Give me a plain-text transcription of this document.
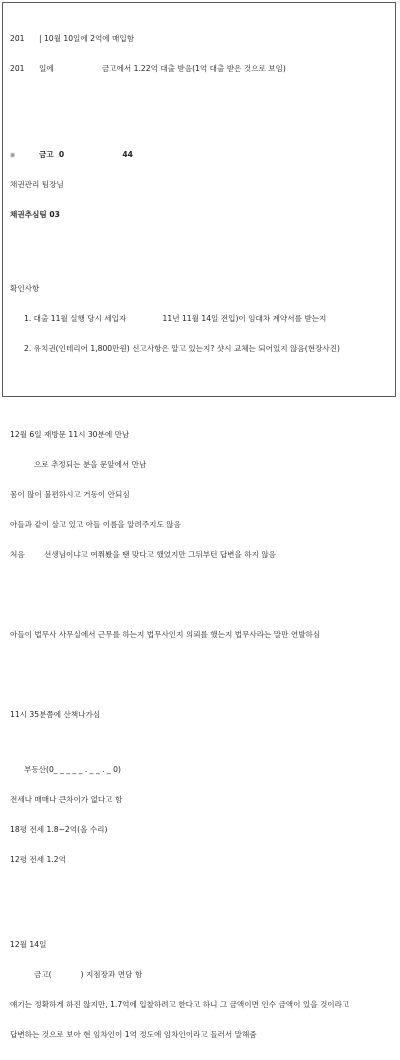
201      | 10월 10일에 2억에 매입함

201      일에                    금고에서 1.22억 대출 받음(1억 대출 받은 것으로 보임)

▪         금고  0	44

채권관리 팀장님

채권추심팀 03

확인사항

1. 대출 11월 실행 당시 세입자               11년 11월 14일 전입)이 임대차 계약서를 받는지

2. 유치권(인테리어 1,800만원) 신고사항은 알고 있는지? 샷시 교체는 되어있지 않음(현장사진)

12월 6일 재방문 11시 30분에 만남

으로 추정되는 분을 문앞에서 만남

몸이 많이 불편하시고 거동이 안되심

아들과 같이 살고 있고 아들 이름을 알려주지도 않음

처음        선생님이냐고 여쭤봤을 땐 맞다고 했었지만 그뒤부턴 답변을 하지 않음

아들이 법무사 사무실에서 근무를 하는지 법무사인지 의뢰를 했는지 법무사라는 말만 연발하심

11시 35분쯤에 산책나가심

부동산(0_ _ _ _ _ . _ _ . _ 0)

전세나 매매나 큰차이가 없다고 함

18평 전세 1.8~2억(올 수리)

12평 전세 1.2억

12월 14일

금고(            ) 지점장과 면담 함

얘기는 정확하게 하진 않지만, 1.7억에 입찰하려고 한다고 하니 그 금액이면 인수 금액이 있을 것이라고

답변하는 것으로 보아 현 임차인이 1억 정도에 임차인이라고 들러서 말해줌
